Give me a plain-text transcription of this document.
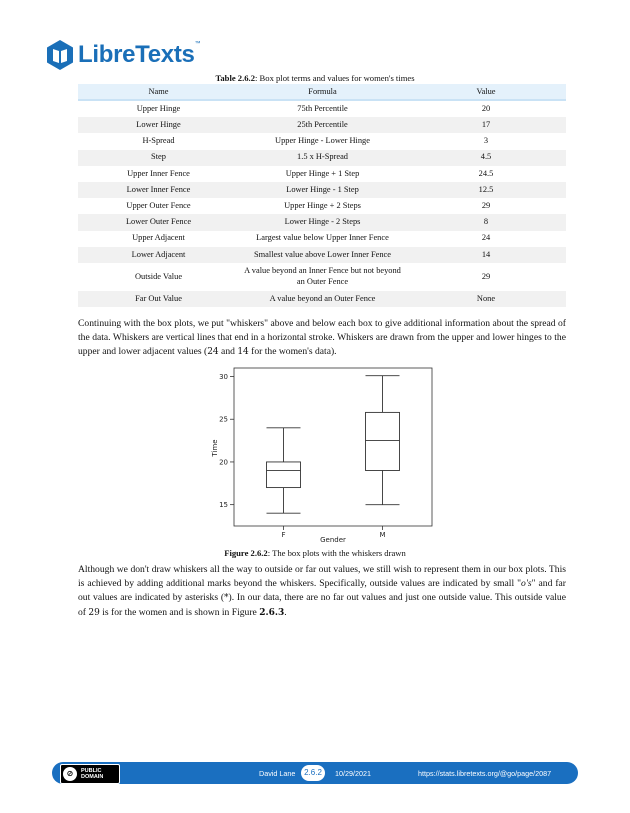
LibreTexts™
Table 2.6.2: Box plot terms and values for women's times
Name	Formula	Value
Upper Hinge	75th Percentile	20
Lower Hinge	25th Percentile	17
H-Spread	Upper Hinge - Lower Hinge	3
Step	1.5 x H-Spread	4.5
Upper Inner Fence	Upper Hinge + 1 Step	24.5
Lower Inner Fence	Lower Hinge - 1 Step	12.5
Upper Outer Fence	Upper Hinge + 2 Steps	29
Lower Outer Fence	Lower Hinge - 2 Steps	8
Upper Adjacent	Largest value below Upper Inner Fence	24
Lower Adjacent	Smallest value above Lower Inner Fence	14
Outside Value	A value beyond an Inner Fence but not beyond an Outer Fence	29
Far Out Value	A value beyond an Outer Fence	None
Continuing with the box plots, we put "whiskers" above and below each box to give additional information about the spread of the data. Whiskers are vertical lines that end in a horizontal stroke. Whiskers are drawn from the upper and lower hinges to the upper and lower adjacent values (24 and 14 for the women's data).
15
20
25
30
F	M
Time
Gender
Figure 2.6.2: The box plots with the whiskers drawn
Although we don't draw whiskers all the way to outside or far out values, we still wish to represent them in our box plots. This is achieved by adding additional marks beyond the whiskers. Specifically, outside values are indicated by small "o's" and far out values are indicated by asterisks (*). In our data, there are no far out values and just one outside value. This outside value of 29 is for the women and is shown in Figure 2.6.3.
⊘	PUBLIC
DOMAIN	David Lane	2.6.2	10/29/2021	https://stats.libretexts.org/@go/page/2087
